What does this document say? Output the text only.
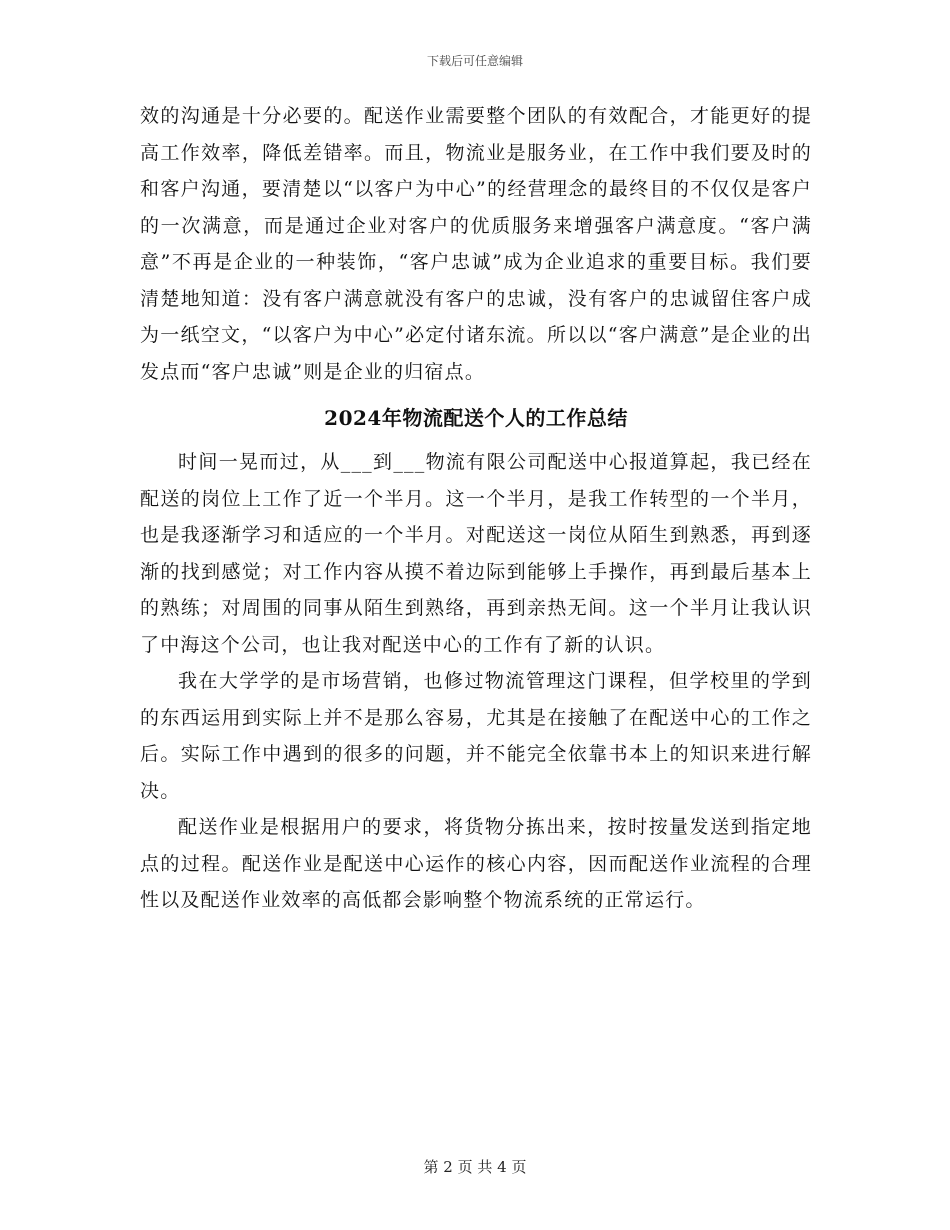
下载后可任意编辑

效的沟通是十分必要的。配送作业需要整个团队的有效配合，才能更好的提高工作效率，降低差错率。而且，物流业是服务业，在工作中我们要及时的和客户沟通，要清楚以“以客户为中心”的经营理念的最终目的不仅仅是客户的一次满意，而是通过企业对客户的优质服务来增强客户满意度。“客户满意”不再是企业的一种装饰，“客户忠诚”成为企业追求的重要目标。我们要清楚地知道：没有客户满意就没有客户的忠诚，没有客户的忠诚留住客户成为一纸空文，“以客户为中心”必定付诸东流。所以以“客户满意”是企业的出发点而“客户忠诚”则是企业的归宿点。

2024年物流配送个人的工作总结

时间一晃而过，从___到___物流有限公司配送中心报道算起，我已经在配送的岗位上工作了近一个半月。这一个半月，是我工作转型的一个半月，也是我逐渐学习和适应的一个半月。对配送这一岗位从陌生到熟悉，再到逐渐的找到感觉；对工作内容从摸不着边际到能够上手操作，再到最后基本上的熟练；对周围的同事从陌生到熟络，再到亲热无间。这一个半月让我认识了中海这个公司，也让我对配送中心的工作有了新的认识。

我在大学学的是市场营销，也修过物流管理这门课程，但学校里的学到的东西运用到实际上并不是那么容易，尤其是在接触了在配送中心的工作之后。实际工作中遇到的很多的问题，并不能完全依靠书本上的知识来进行解决。

配送作业是根据用户的要求，将货物分拣出来，按时按量发送到指定地点的过程。配送作业是配送中心运作的核心内容，因而配送作业流程的合理性以及配送作业效率的高低都会影响整个物流系统的正常运行。

第 2 页 共 4 页
